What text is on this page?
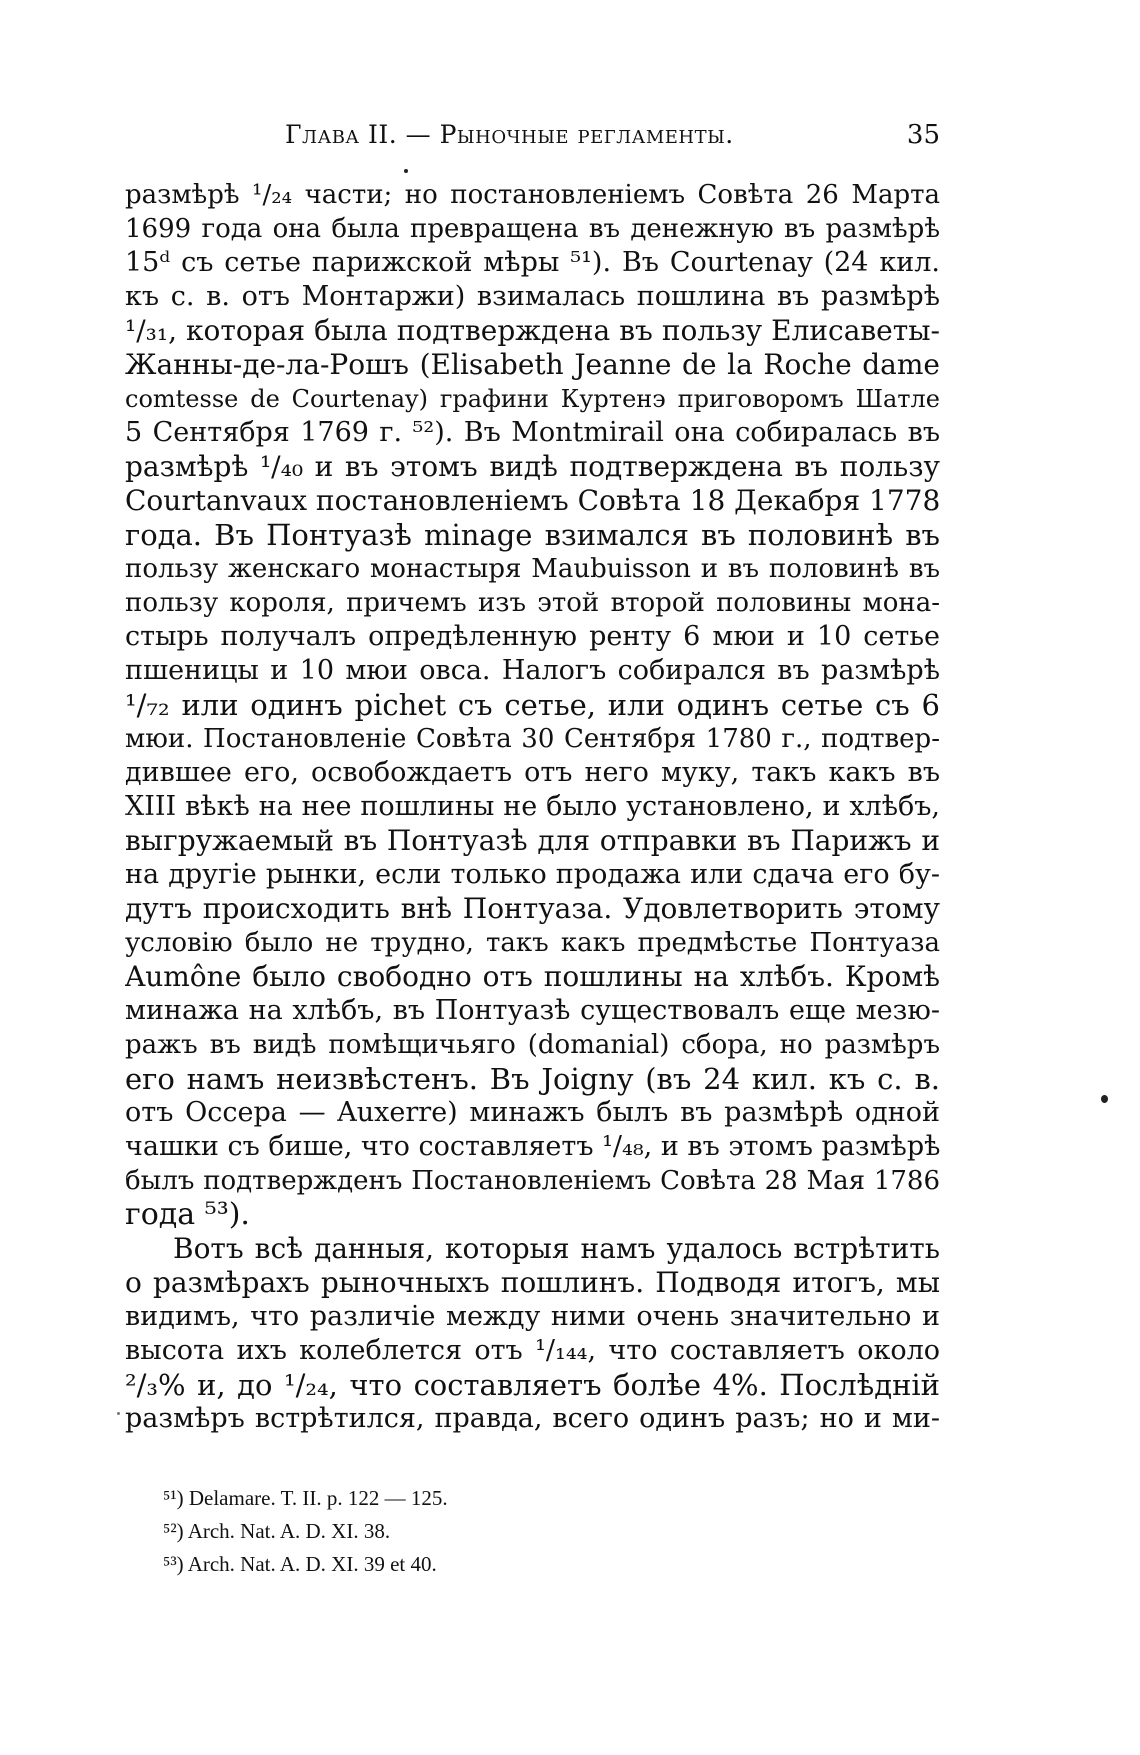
Глава II. — Рыночные регламенты.	35
размѣрѣ ¹/₂₄ части; но постановленіемъ Совѣта 26 Марта
1699 года она была превращена въ денежную въ размѣрѣ
15ᵈ съ сетье парижской мѣры ⁵¹). Въ Courtenay (24 кил.
къ с. в. отъ Монтаржи) взималась пошлина въ размѣрѣ
¹/₃₁, которая была подтверждена въ пользу Елисаветы-
Жанны-де-ла-Рошъ (Elisabeth Jeanne de la Roche dame
comtesse de Courtenay) графини Куртенэ приговоромъ Шатле
5 Сентября 1769 г. ⁵²). Въ Montmirail она собиралась въ
размѣрѣ ¹/₄₀ и въ этомъ видѣ подтверждена въ пользу
Courtanvaux постановленіемъ Совѣта 18 Декабря 1778
года. Въ Понтуазѣ minage взимался въ половинѣ въ
пользу женскаго монастыря Maubuisson и въ половинѣ въ
пользу короля, причемъ изъ этой второй половины мона-
стырь получалъ опредѣленную ренту 6 мюи и 10 сетье
пшеницы и 10 мюи овса. Налогъ собирался въ размѣрѣ
¹/₇₂ или одинъ pichet съ сетье, или одинъ сетье съ 6
мюи. Постановленіе Совѣта 30 Сентября 1780 г., подтвер-
дившее его, освобождаетъ отъ него муку, такъ какъ въ
XIII вѣкѣ на нее пошлины не было установлено, и хлѣбъ,
выгружаемый въ Понтуазѣ для отправки въ Парижъ и
на другіе рынки, если только продажа или сдача его бу-
дутъ происходить внѣ Понтуаза. Удовлетворить этому
условію было не трудно, такъ какъ предмѣстье Понтуаза
Aumône было свободно отъ пошлины на хлѣбъ. Кромѣ
минажа на хлѣбъ, въ Понтуазѣ существовалъ еще мезю-
ражъ въ видѣ помѣщичьяго (domanial) сбора, но размѣръ
его намъ неизвѣстенъ. Въ Joigny (въ 24 кил. къ с. в.
отъ Оссера — Auxerre) минажъ былъ въ размѣрѣ одной
чашки съ бише, что составляетъ ¹/₄₈, и въ этомъ размѣрѣ
былъ подтвержденъ Постановленіемъ Совѣта 28 Мая 1786
года ⁵³).
Вотъ всѣ данныя, которыя намъ удалось встрѣтить
о размѣрахъ рыночныхъ пошлинъ. Подводя итогъ, мы
видимъ, что различіе между ними очень значительно и
высота ихъ колеблется отъ ¹/₁₄₄, что составляетъ около
²/₃% и, до ¹/₂₄, что составляетъ болѣе 4%. Послѣдній
размѣръ встрѣтился, правда, всего одинъ разъ; но и ми-
⁵¹) Delamare. T. II. p. 122 — 125.
⁵²) Arch. Nat. A. D. XI. 38.
⁵³) Arch. Nat. A. D. XI. 39 et 40.
